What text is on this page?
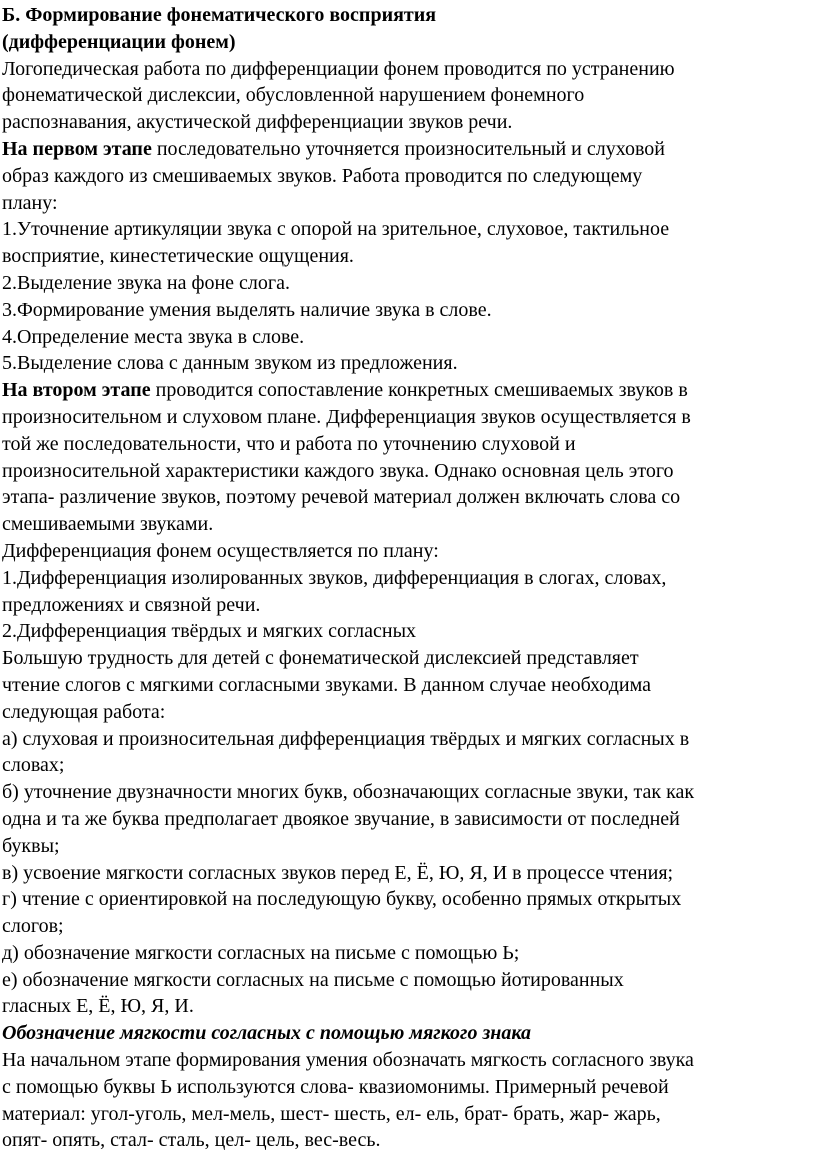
Б. Формирование фонематического восприятия
(дифференциации фонем)
Логопедическая работа по дифференциации фонем проводится по устранению
фонематической дислексии, обусловленной нарушением фонемного
распознавания, акустической дифференциации звуков речи.
На первом этапе последовательно уточняется произносительный и слуховой
образ каждого из смешиваемых звуков. Работа проводится по следующему
плану:
1.Уточнение артикуляции звука с опорой на зрительное, слуховое, тактильное
восприятие, кинестетические ощущения.
2.Выделение звука на фоне слога.
3.Формирование умения выделять наличие звука в слове.
4.Определение места звука в слове.
5.Выделение слова с данным звуком из предложения.
На втором этапе проводится сопоставление конкретных смешиваемых звуков в
произносительном и слуховом плане. Дифференциация звуков осуществляется в
той же последовательности, что и работа по уточнению слуховой и
произносительной характеристики каждого звука. Однако основная цель этого
этапа- различение звуков, поэтому речевой материал должен включать слова со
смешиваемыми звуками.
Дифференциация фонем осуществляется по плану:
1.Дифференциация изолированных звуков, дифференциация в слогах, словах,
предложениях и связной речи.
2.Дифференциация твёрдых и мягких согласных
Большую трудность для детей с фонематической дислексией представляет
чтение слогов с мягкими согласными звуками. В данном случае необходима
следующая работа:
а) слуховая и произносительная дифференциация твёрдых и мягких согласных в
словах;
б) уточнение двузначности многих букв, обозначающих согласные звуки, так как
одна и та же буква предполагает двоякое звучание, в зависимости от последней
буквы;
в) усвоение мягкости согласных звуков перед Е, Ё, Ю, Я, И в процессе чтения;
г) чтение с ориентировкой на последующую букву, особенно прямых открытых
слогов;
д) обозначение мягкости согласных на письме с помощью Ь;
е) обозначение мягкости согласных на письме с помощью йотированных
гласных Е, Ё, Ю, Я, И.
Обозначение мягкости согласных с помощью мягкого знака
На начальном этапе формирования умения обозначать мягкость согласного звука
с помощью буквы Ь используются слова- квазиомонимы. Примерный речевой
материал: угол-уголь, мел-мель, шест- шесть, ел- ель, брат- брать, жар- жарь,
опят- опять, стал- сталь, цел- цель, вес-весь.
